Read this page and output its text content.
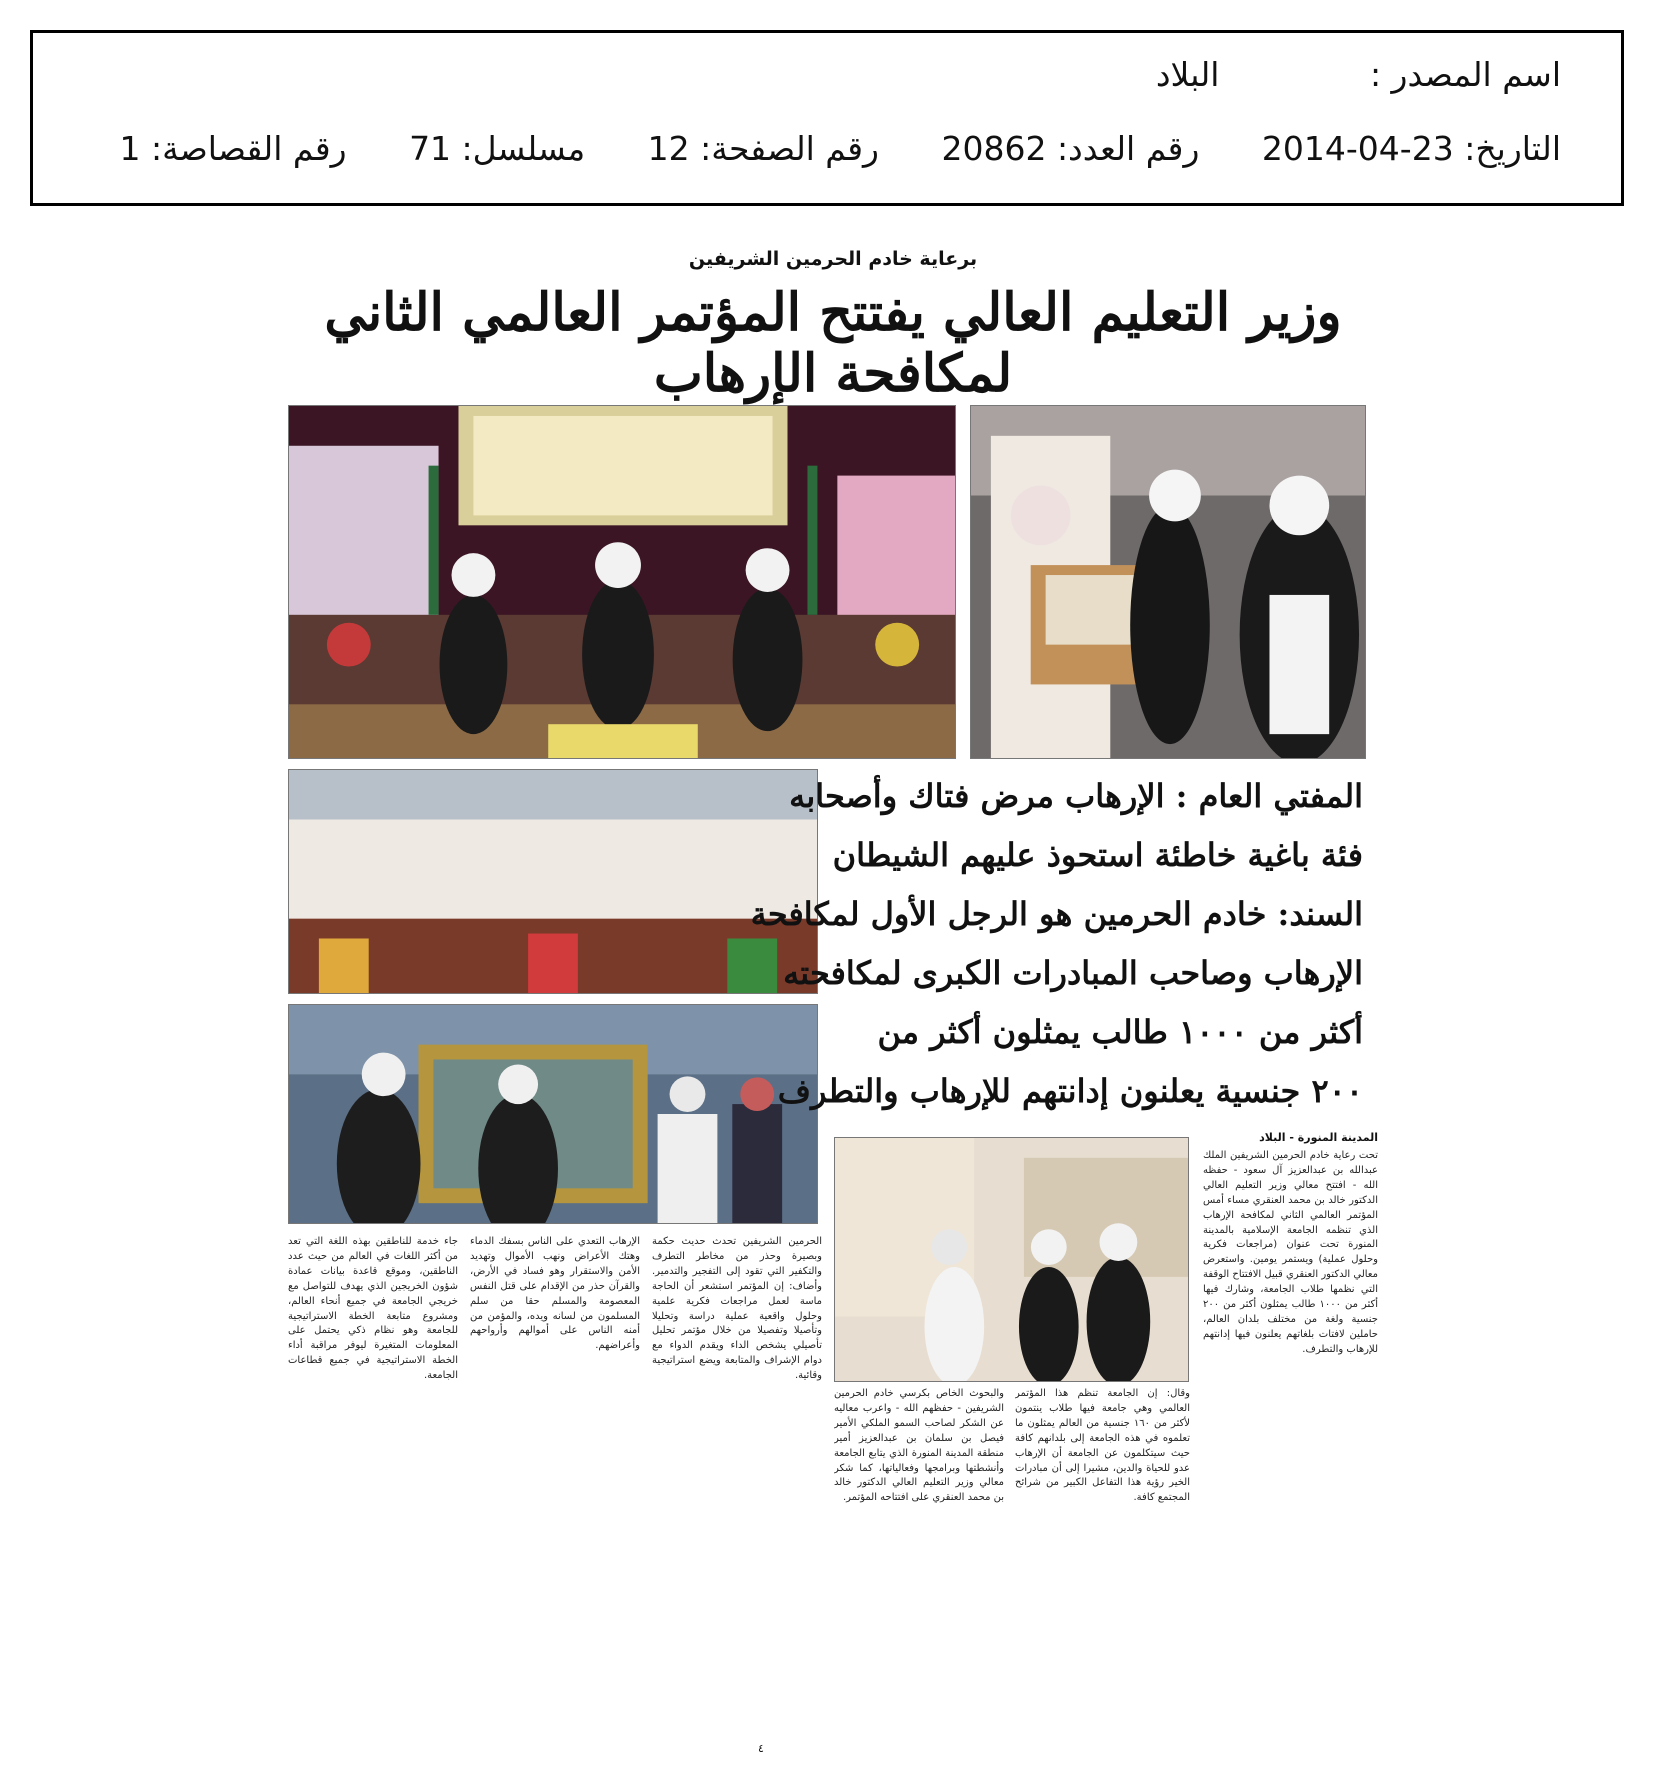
اسم المصدر : البلاد
التاريخ: 23-04-2014 رقم العدد: 20862 رقم الصفحة: 12 مسلسل: 71 رقم القصاصة: 1
برعاية خادم الحرمين الشريفين
وزير التعليم العالي يفتتح المؤتمر العالمي الثاني لمكافحة الإرهاب
المفتي العام : الإرهاب مرض فتاك وأصحابه
فئة باغية خاطئة استحوذ عليهم الشيطان
السند: خادم الحرمين هو الرجل الأول لمكافحة
الإرهاب وصاحب المبادرات الكبرى لمكافحته
أكثر من ١٠٠٠ طالب يمثلون أكثر من
٢٠٠ جنسية يعلنون إدانتهم للإرهاب والتطرف
المدينة المنورة - البلاد
تحت رعاية خادم الحرمين الشريفين الملك عبدالله بن عبدالعزيز آل سعود - حفظه الله - افتتح معالي وزير التعليم العالي الدكتور خالد بن محمد العنقري مساء أمس المؤتمر العالمي الثاني لمكافحة الإرهاب الذي تنظمه الجامعة الإسلامية بالمدينة المنورة تحت عنوان (مراجعات فكرية وحلول عملية) ويستمر يومين. واستعرض معالي الدكتور العنقري قبيل الافتتاح الوقفة التي نظمها طلاب الجامعة، وشارك فيها أكثر من ١٠٠٠ طالب يمثلون أكثر من ٢٠٠ جنسية ولغة من مختلف بلدان العالم، حاملين لافتات بلغاتهم يعلنون فيها إدانتهم للإرهاب والتطرف.
وقال: إن الجامعة تنظم هذا المؤتمر العالمي وهي جامعة فيها طلاب ينتمون لأكثر من ١٦٠ جنسية من العالم يمثلون ما تعلموه في هذه الجامعة إلى بلدانهم كافة حيث سيتكلمون عن الجامعة أن الإرهاب عدو للحياة والدين، مشيرا إلى أن مبادرات الخير رؤية هذا التفاعل الكبير من شرائح المجتمع كافة.
والبحوث الخاص بكرسي خادم الحرمين الشريفين - حفظهم الله - واعرب معاليه عن الشكر لصاحب السمو الملكي الأمير فيصل بن سلمان بن عبدالعزيز أمير منطقة المدينة المنورة الذي يتابع الجامعة وأنشطتها وبرامجها وفعالياتها، كما شكر معالي وزير التعليم العالي الدكتور خالد بن محمد العنقري على افتتاحه المؤتمر.
الحرمين الشريفين تحدث حديث حكمة وبصيرة وحذر من مخاطر التطرف والتكفير التي تقود إلى التفجير والتدمير. وأضاف: إن المؤتمر استشعر أن الحاجة ماسة لعمل مراجعات فكرية علمية وحلول واقعية عملية دراسة وتحليلا وتأصيلا وتفصيلا من خلال مؤتمر تحليل تأصيلي يشخص الداء ويقدم الدواء مع دوام الإشراف والمتابعة ويضع استراتيجية وقائية.
الإرهاب التعدي على الناس بسفك الدماء وهتك الأعراض ونهب الأموال وتهديد الأمن والاستقرار وهو فساد في الأرض، والقرآن حذر من الإقدام على قتل النفس المعصومة والمسلم حقا من سلم المسلمون من لسانه ويده، والمؤمن من أمنه الناس على أموالهم وأرواحهم وأعراضهم.
جاء خدمة للناطقين بهذه اللغة التي تعد من أكثر اللغات في العالم من حيث عدد الناطقين، وموقع قاعدة بيانات عمادة شؤون الخريجين الذي يهدف للتواصل مع خريجي الجامعة في جميع أنحاء العالم، ومشروع متابعة الخطة الاستراتيجية للجامعة وهو نظام ذكي يحتمل على المعلومات المتغيرة ليوفر مراقبة أداء الخطة الاستراتيجية في جميع قطاعات الجامعة.
٤
